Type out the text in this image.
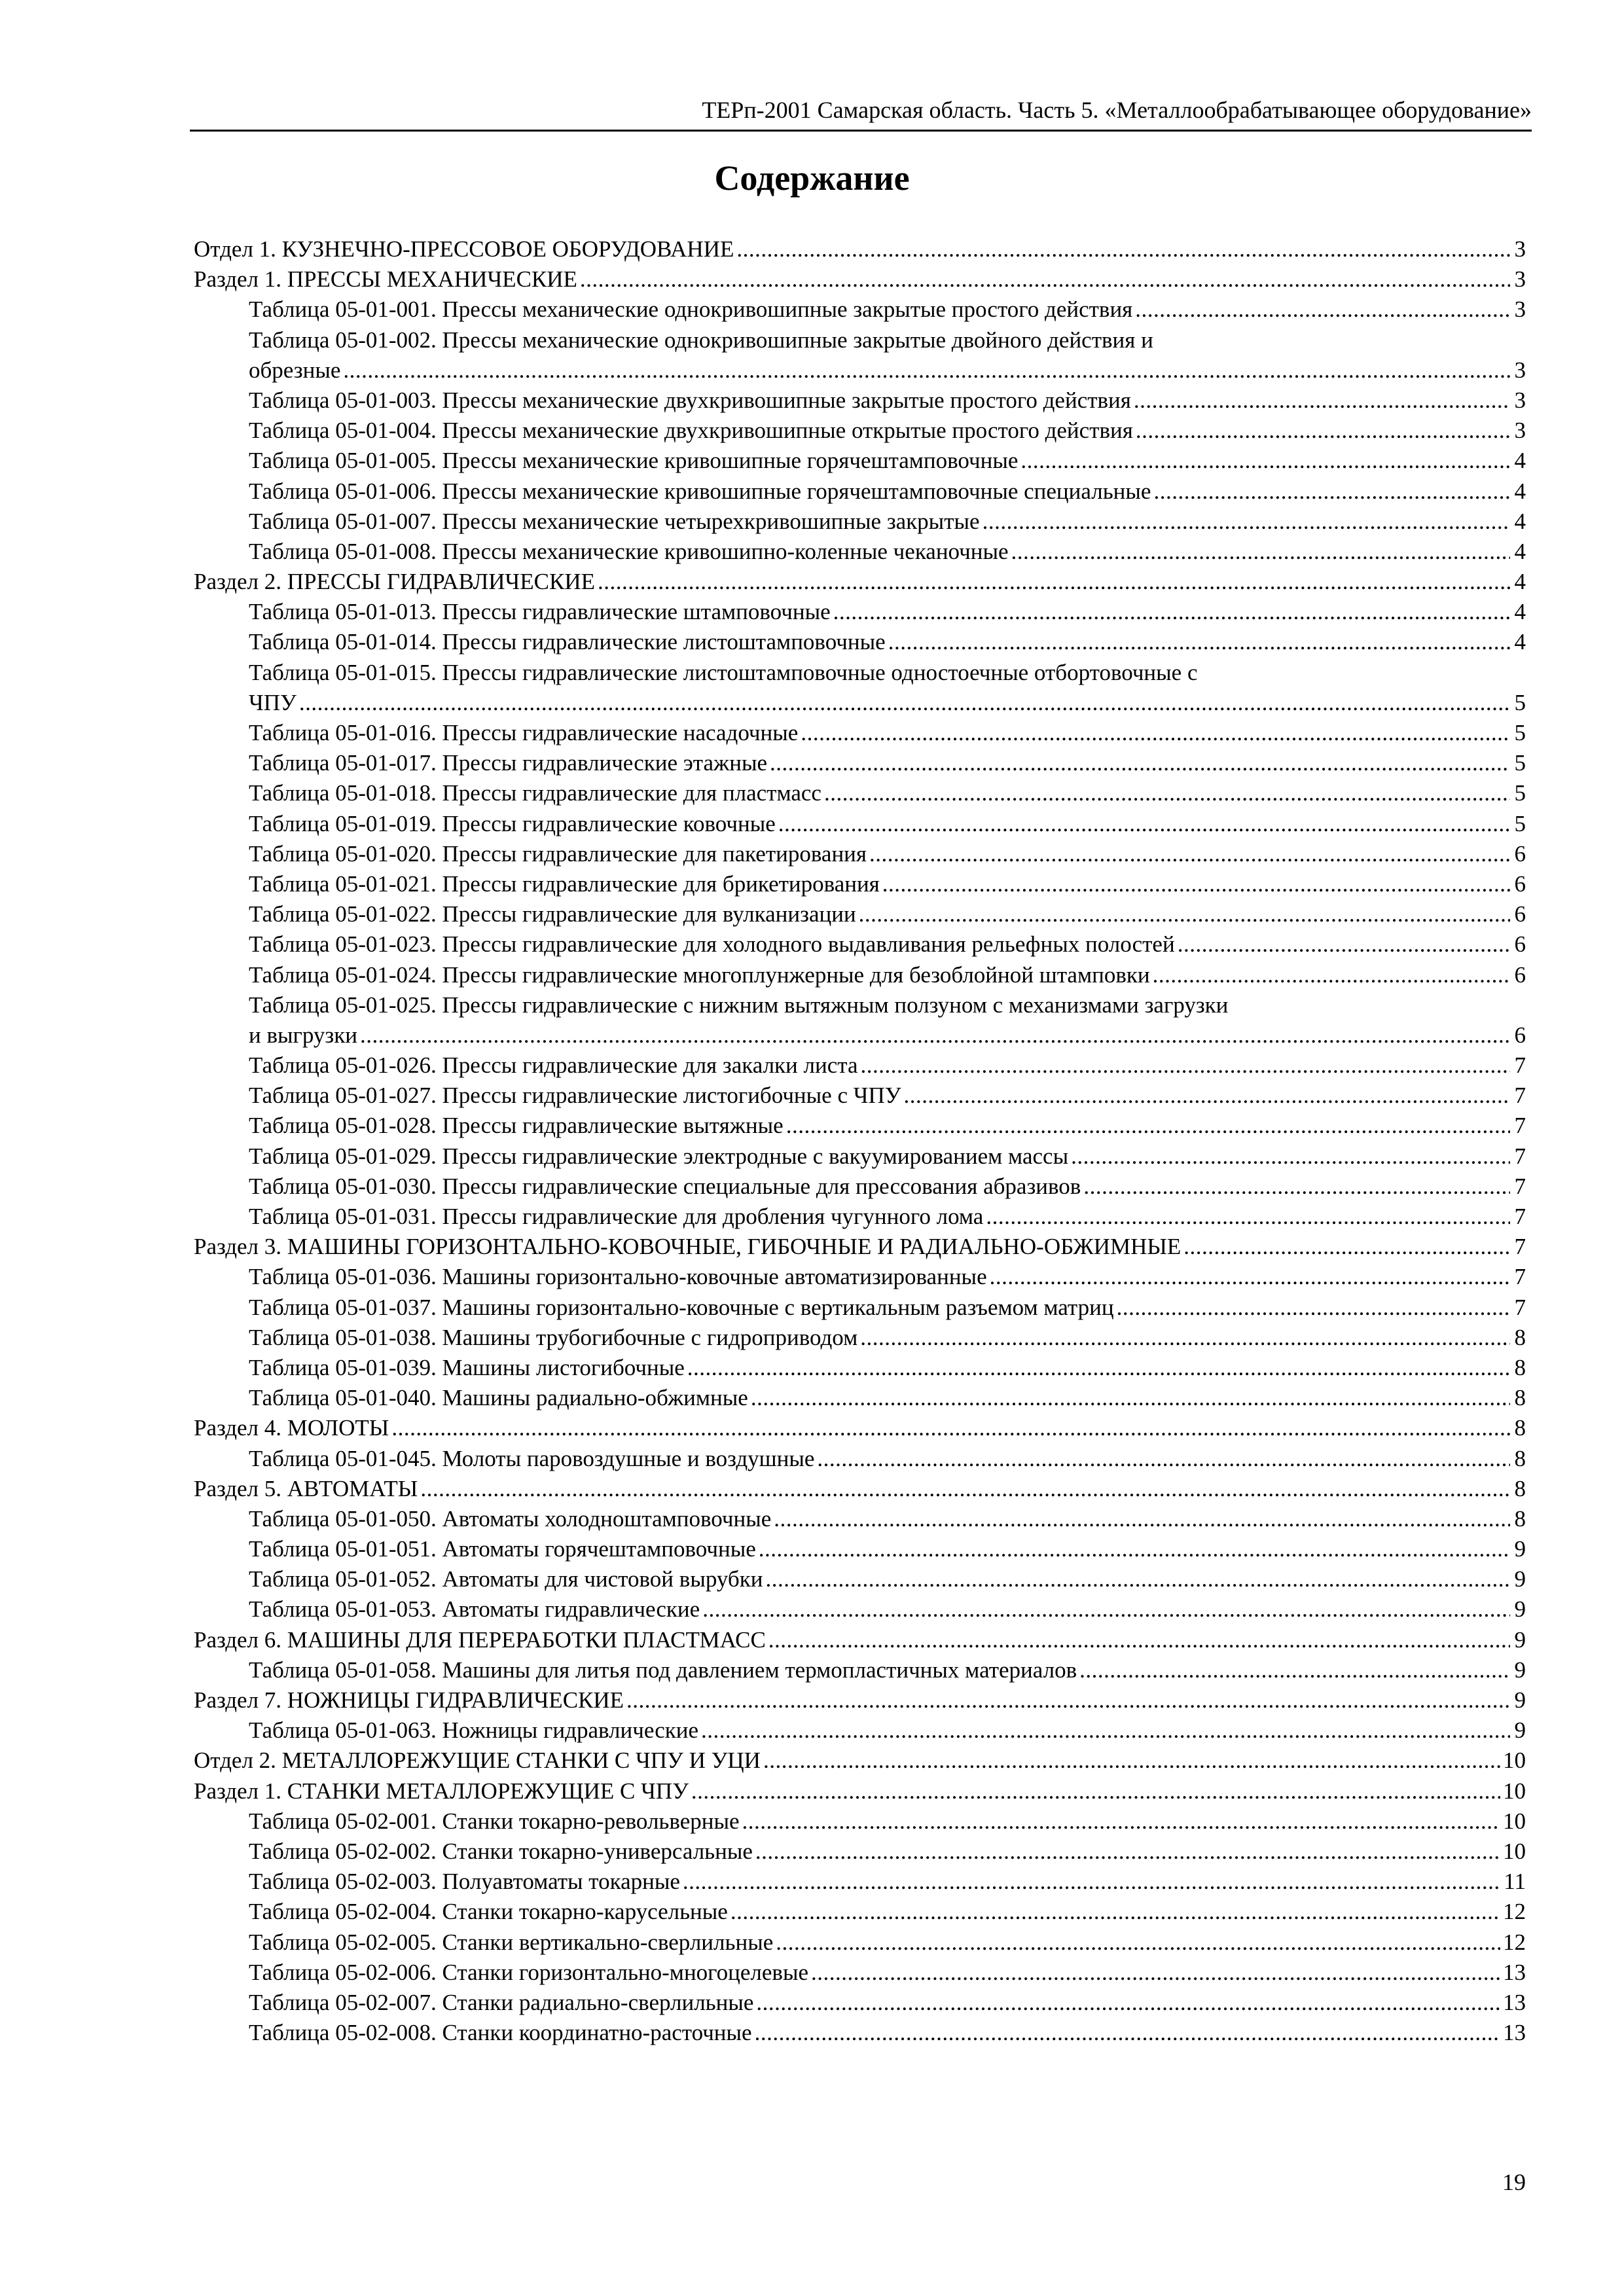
ТЕРп-2001 Самарская область. Часть 5. «Металлообрабатывающее оборудование»
Содержание
Отдел 1. КУЗНЕЧНО-ПРЕССОВОЕ ОБОРУДОВАНИЕ .....	3
Раздел 1. ПРЕССЫ МЕХАНИЧЕСКИЕ .....	3
Таблица 05-01-001. Прессы механические однокривошипные закрытые простого действия .....	3
Таблица 05-01-002. Прессы механические однокривошипные закрытые двойного действия и
обрезные .....	3
Таблица 05-01-003. Прессы механические двухкривошипные закрытые простого действия .....	3
Таблица 05-01-004. Прессы механические двухкривошипные открытые простого действия .....	3
Таблица 05-01-005. Прессы механические кривошипные горячештамповочные .....	4
Таблица 05-01-006. Прессы механические кривошипные горячештамповочные специальные .....	4
Таблица 05-01-007. Прессы механические четырехкривошипные закрытые .....	4
Таблица 05-01-008. Прессы механические кривошипно-коленные чеканочные .....	4
Раздел 2. ПРЕССЫ ГИДРАВЛИЧЕСКИЕ .....	4
Таблица 05-01-013. Прессы гидравлические штамповочные .....	4
Таблица 05-01-014. Прессы гидравлические листоштамповочные .....	4
Таблица 05-01-015. Прессы гидравлические листоштамповочные одностоечные отбортовочные с
ЧПУ .....	5
Таблица 05-01-016. Прессы гидравлические насадочные .....	5
Таблица 05-01-017. Прессы гидравлические этажные .....	5
Таблица 05-01-018. Прессы гидравлические для пластмасс .....	5
Таблица 05-01-019. Прессы гидравлические ковочные .....	5
Таблица 05-01-020. Прессы гидравлические для пакетирования .....	6
Таблица 05-01-021. Прессы гидравлические для брикетирования .....	6
Таблица 05-01-022. Прессы гидравлические для вулканизации .....	6
Таблица 05-01-023. Прессы гидравлические для холодного выдавливания рельефных полостей .....	6
Таблица 05-01-024. Прессы гидравлические многоплунжерные для безоблойной штамповки .....	6
Таблица 05-01-025. Прессы гидравлические с нижним вытяжным ползуном с механизмами загрузки
и выгрузки .....	6
Таблица 05-01-026. Прессы гидравлические для закалки листа .....	7
Таблица 05-01-027. Прессы гидравлические листогибочные с ЧПУ .....	7
Таблица 05-01-028. Прессы гидравлические вытяжные .....	7
Таблица 05-01-029. Прессы гидравлические электродные с вакуумированием массы .....	7
Таблица 05-01-030. Прессы гидравлические специальные для прессования абразивов .....	7
Таблица 05-01-031. Прессы гидравлические для дробления чугунного лома .....	7
Раздел 3. МАШИНЫ ГОРИЗОНТАЛЬНО-КОВОЧНЫЕ, ГИБОЧНЫЕ И РАДИАЛЬНО-ОБЖИМНЫЕ .....	7
Таблица 05-01-036. Машины горизонтально-ковочные автоматизированные .....	7
Таблица 05-01-037. Машины горизонтально-ковочные с вертикальным разъемом матриц .....	7
Таблица 05-01-038. Машины трубогибочные с гидроприводом .....	8
Таблица 05-01-039. Машины листогибочные .....	8
Таблица 05-01-040. Машины радиально-обжимные .....	8
Раздел 4. МОЛОТЫ .....	8
Таблица 05-01-045. Молоты паровоздушные и воздушные .....	8
Раздел 5. АВТОМАТЫ .....	8
Таблица 05-01-050. Автоматы холодноштамповочные .....	8
Таблица 05-01-051. Автоматы горячештамповочные .....	9
Таблица 05-01-052. Автоматы для чистовой вырубки .....	9
Таблица 05-01-053. Автоматы гидравлические .....	9
Раздел 6. МАШИНЫ ДЛЯ ПЕРЕРАБОТКИ ПЛАСТМАСС .....	9
Таблица 05-01-058. Машины для литья под давлением термопластичных материалов .....	9
Раздел 7. НОЖНИЦЫ ГИДРАВЛИЧЕСКИЕ .....	9
Таблица 05-01-063. Ножницы гидравлические .....	9
Отдел 2. МЕТАЛЛОРЕЖУЩИЕ СТАНКИ С ЧПУ И УЦИ .....	10
Раздел 1. СТАНКИ МЕТАЛЛОРЕЖУЩИЕ С ЧПУ .....	10
Таблица 05-02-001. Станки токарно-револьверные .....	10
Таблица 05-02-002. Станки токарно-универсальные .....	10
Таблица 05-02-003. Полуавтоматы токарные .....	11
Таблица 05-02-004. Станки токарно-карусельные .....	12
Таблица 05-02-005. Станки вертикально-сверлильные .....	12
Таблица 05-02-006. Станки горизонтально-многоцелевые .....	13
Таблица 05-02-007. Станки радиально-сверлильные .....	13
Таблица 05-02-008. Станки координатно-расточные .....	13
19
